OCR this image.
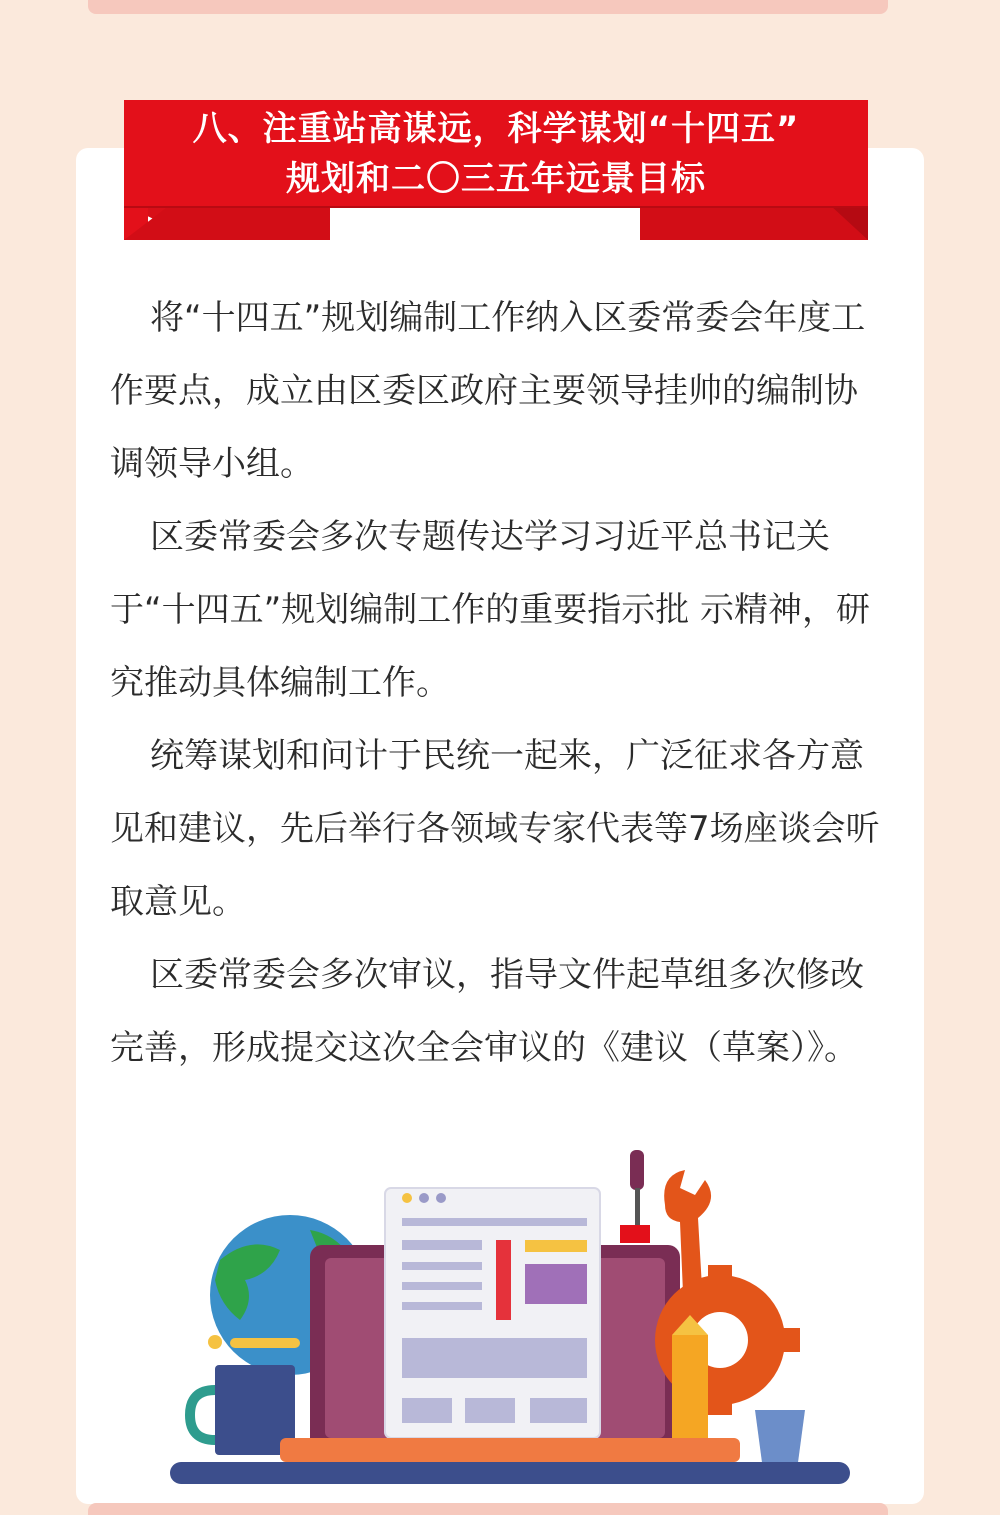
八、注重站高谋远，科学谋划“十四五”
规划和二〇三五年远景目标

将“十四五”规划编制工作纳入区委常委会年度工作要点，成立由区委区政府主要领导挂帅的编制协调领导小组。

区委常委会多次专题传达学习习近平总书记关于“十四五”规划编制工作的重要指示批 示精神，研究推动具体编制工作。

统筹谋划和问计于民统一起来，广泛征求各方意见和建议，先后举行各领域专家代表等7场座谈会听取意见。

区委常委会多次审议，指导文件起草组多次修改完善，形成提交这次全会审议的《建议（草案）》。
